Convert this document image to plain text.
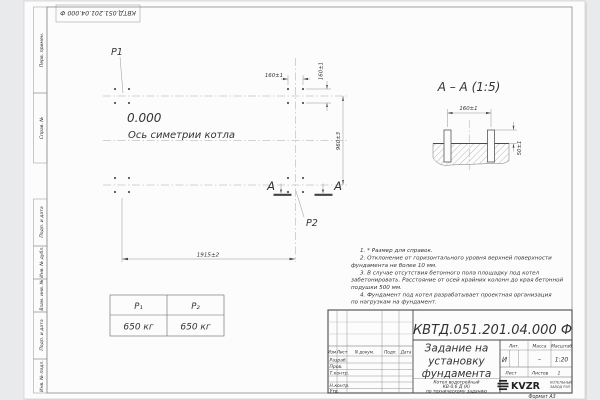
КВТД.051.201.04.000 Ф
Перв. примен.
Справ. №
Подп. и дата
Инв. № дубл.
Взам. инв. №
Подп. и дата
Инв. № подл.
P1
P2
0.000
Ось симетрии котла
160±1	160±1
960±3
1915±2
А	А
А – А (1:5)
160±1
50±1
P₁	P₂
650 кг	650 кг
1. * Размер для справок.
2. Отклонение от горизонтального уровня верхней поверхности
фундамента не более 10 мм.
3. В случае отсутствия бетонного пола площадку под котел
забетонировать. Расстояние от осей крайних колонн до края бетонной
подушки 500 мм.
4. Фундамент под котел разрабатывает проектная организация
по нагрузкам на фундамент.
КВТД.051.201.04.000 Ф
Изм. Лист N докум. Подп. Дата
Разраб.
Пров.
Т.контр.
Н.контр.
Утв.
Задание на
установку
фундамента
Котел водогрейный
КВ-0,6 Д (К)
по техническому заданию
Лит.	Масса Масштаб
И	– 1:20
Лист	Листов 1
KVZR	КОТЕЛЬНЫЙ
ЗАВОД РЭП
Формат А3
